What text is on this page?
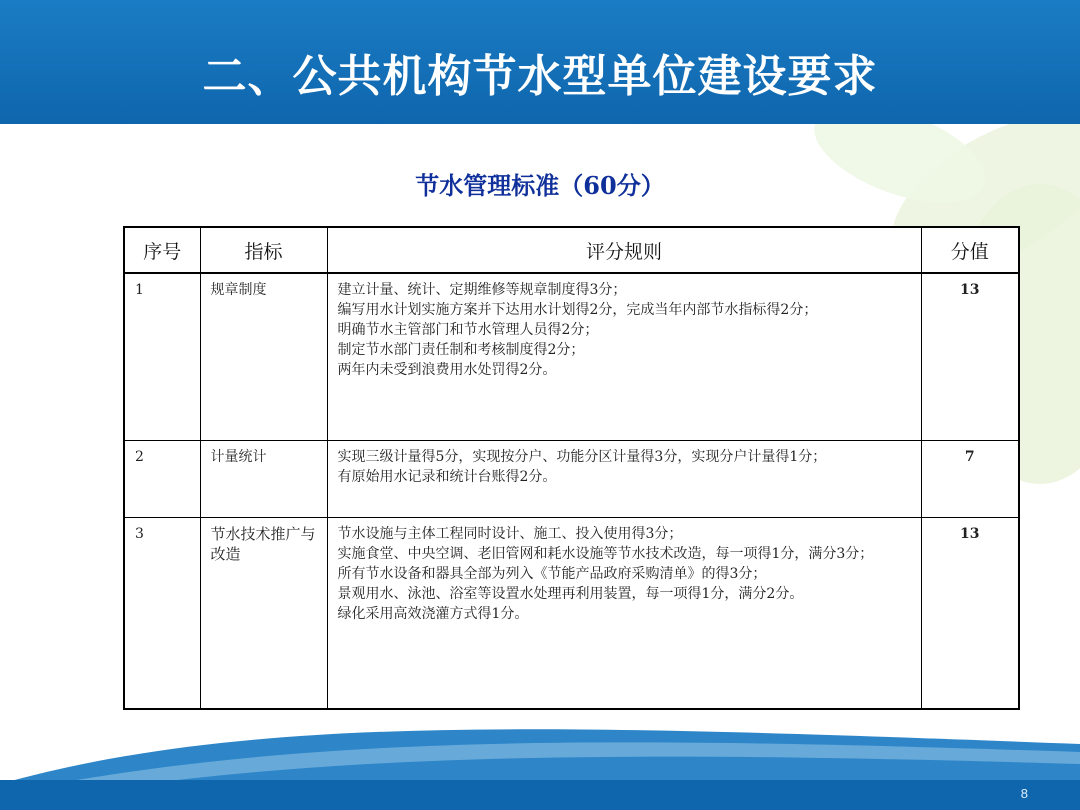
二、公共机构节水型单位建设要求
节水管理标准（60分）
序号	指标	评分规则	分值
1	规章制度	建立计量、统计、定期维修等规章制度得3分；
编写用水计划实施方案并下达用水计划得2分，完成当年内部节水指标得2分；
明确节水主管部门和节水管理人员得2分；
制定节水部门责任制和考核制度得2分；
两年内未受到浪费用水处罚得2分。	13
2	计量统计	实现三级计量得5分，实现按分户、功能分区计量得3分，实现分户计量得1分；
有原始用水记录和统计台账得2分。	7
3	节水技术推广与改造	节水设施与主体工程同时设计、施工、投入使用得3分；
实施食堂、中央空调、老旧管网和耗水设施等节水技术改造，每一项得1分，满分3分；
所有节水设备和器具全部为列入《节能产品政府采购清单》的得3分；
景观用水、泳池、浴室等设置水处理再利用装置，每一项得1分，满分2分。
绿化采用高效浇灌方式得1分。	13
8
